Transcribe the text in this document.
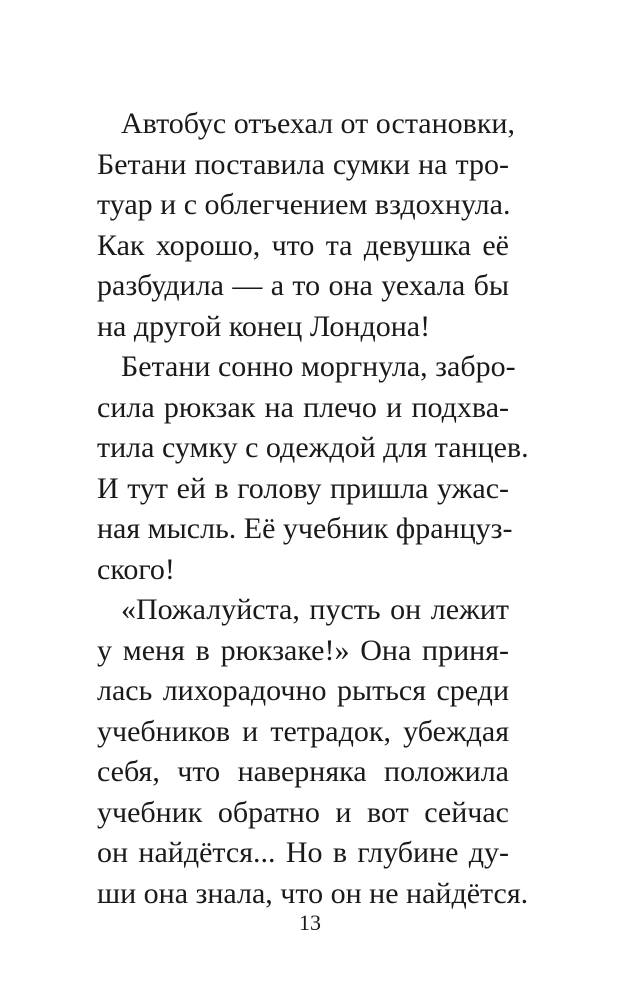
Автобус отъехал от остановки,
Бетани поставила сумки на тро-
туар и с облегчением вздохнула.
Как хорошо, что та девушка её
разбудила — а то она уехала бы
на другой конец Лондона!
Бетани сонно моргнула, забро-
сила рюкзак на плечо и подхва-
тила сумку с одеждой для танцев.
И тут ей в голову пришла ужас-
ная мысль. Её учебник француз-
ского!
«Пожалуйста, пусть он лежит
у меня в рюкзаке!» Она приня-
лась лихорадочно рыться среди
учебников и тетрадок, убеждая
себя, что наверняка положила
учебник обратно и вот сейчас
он найдётся... Но в глубине ду-
ши она знала, что он не найдётся.
13
